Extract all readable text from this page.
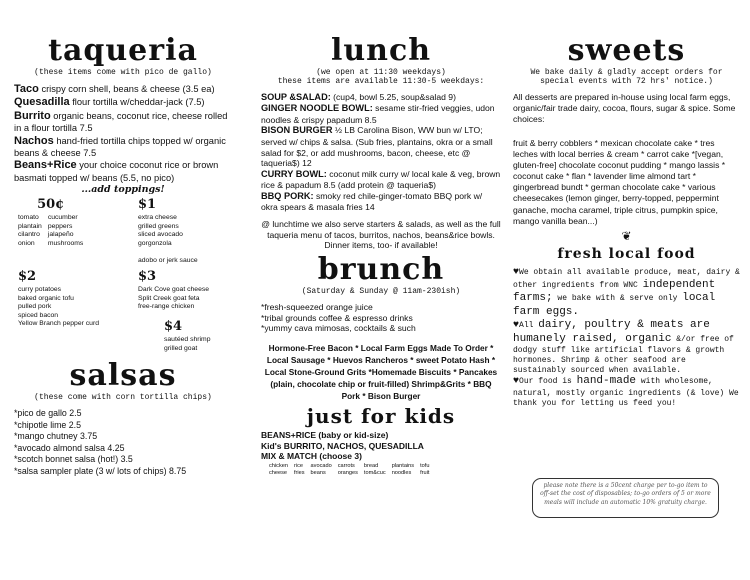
taqueria

(these items come with pico de gallo)

Taco crispy corn shell, beans & cheese (3.5 ea)

Quesadilla flour tortilla w/cheddar-jack (7.5)

Burrito organic beans, coconut rice, cheese rolled in a flour tortilla 7.5

Nachos hand-fried tortilla chips topped w/ organic beans & cheese 7.5

Beans+Rice your choice coconut rice or brown basmati topped w/ beans (5.5, no pico)

...add toppings!

50¢
tomato
plantain
cilantro
onion
cucumber
peppers
jalapeño
mushrooms
$1
extra cheese
grilled greens
sliced avocado
gorgonzola

adobo or jerk sauce
$2
curry potatoes
baked organic tofu
pulled pork
spiced bacon
Yellow Branch pepper curd
$3
Dark Cove goat cheese
Split Creek goat feta
free-range chicken
$4
sautéed shrimp
grilled goat
salsas

(these come with corn tortilla chips)

*pico de gallo 2.5
*chipotle lime 2.5
*mango chutney 3.75
*avocado almond salsa 4.25
*scotch bonnet salsa (hot!) 3.5
*salsa sampler plate (3 w/ lots of chips) 8.75
lunch

(we open at 11:30 weekdays)

these items are available 11:30-5 weekdays:

SOUP &SALAD: (cup4, bowl 5.25, soup&salad 9)

GINGER NOODLE BOWL: sesame stir-fried veggies, udon noodles & crispy papadum 8.5

BISON BURGER ½ LB Carolina Bison, WW bun w/ LTO; served w/ chips & salsa. (Sub fries, plantains, okra or a small salad for $2, or add mushrooms, bacon, cheese, etc @ taqueria$) 12

CURRY BOWL: coconut milk curry w/ local kale & veg, brown rice & papadum 8.5 (add protein @ taqueria$)

BBQ PORK: smoky red chile-ginger-tomato BBQ pork w/ okra spears & masala fries 14

@ lunchtime we also serve starters & salads, as well as the full taqueria menu of tacos, burritos, nachos, beans&rice bowls. Dinner items, too- if available!

brunch

(Saturday & Sunday @ 11am-230ish)

*fresh-squeezed orange juice
*tribal grounds coffee & espresso drinks
*yummy cava mimosas, cocktails & such

Hormone-Free Bacon * Local Farm Eggs Made To Order * Local Sausage * Huevos Rancheros * sweet Potato Hash * Local Stone-Ground Grits *Homemade Biscuits * Pancakes (plain, chocolate chip or fruit-filled) Shrimp&Grits * BBQ Pork * Bison Burger

just for kids
BEANS+RICE (baby or kid-size)
Kid's BURRITO, NACHOS, QUESADILLA
MIX & MATCH (choose 3)
chicken
cheese
rice
fries
avocado
beans
carrots
oranges
bread
tom&cuc
plantains
noodles
tofu
fruit
sweets

We bake daily & gladly accept orders for special events with 72 hrs' notice.)

All desserts are prepared in-house using local farm eggs, organic/fair trade dairy, cocoa, flours, sugar & spice. Some choices:

fruit & berry cobblers * mexican chocolate cake * tres leches with local berries & cream * carrot cake *[vegan, gluten-free] chocolate coconut pudding * mango lassis * coconut cake * flan * lavender lime almond tart * gingerbread bundt * german chocolate cake * various cheesecakes (lemon ginger, berry-topped, peppermint ganache, mocha caramel, triple citrus, pumpkin spice, mango vanilla bean...)

❦
fresh local food

♥We obtain all available produce, meat, dairy & other ingredients from WNC independent farms; we bake with & serve only local farm eggs.

♥All dairy, poultry & meats are humanely raised, organic &/or free of dodgy stuff like artificial flavors & growth hormones. Shrimp & other seafood are sustainably sourced when available.

♥Our food is hand-made with wholesome, natural, mostly organic ingredients (& love) We thank you for letting us feed you!

please note there is a 50cent charge per to-go item to off-set the cost of disposables; to-go orders of 5 or more meals will include an automatic 10% gratuity charge.
